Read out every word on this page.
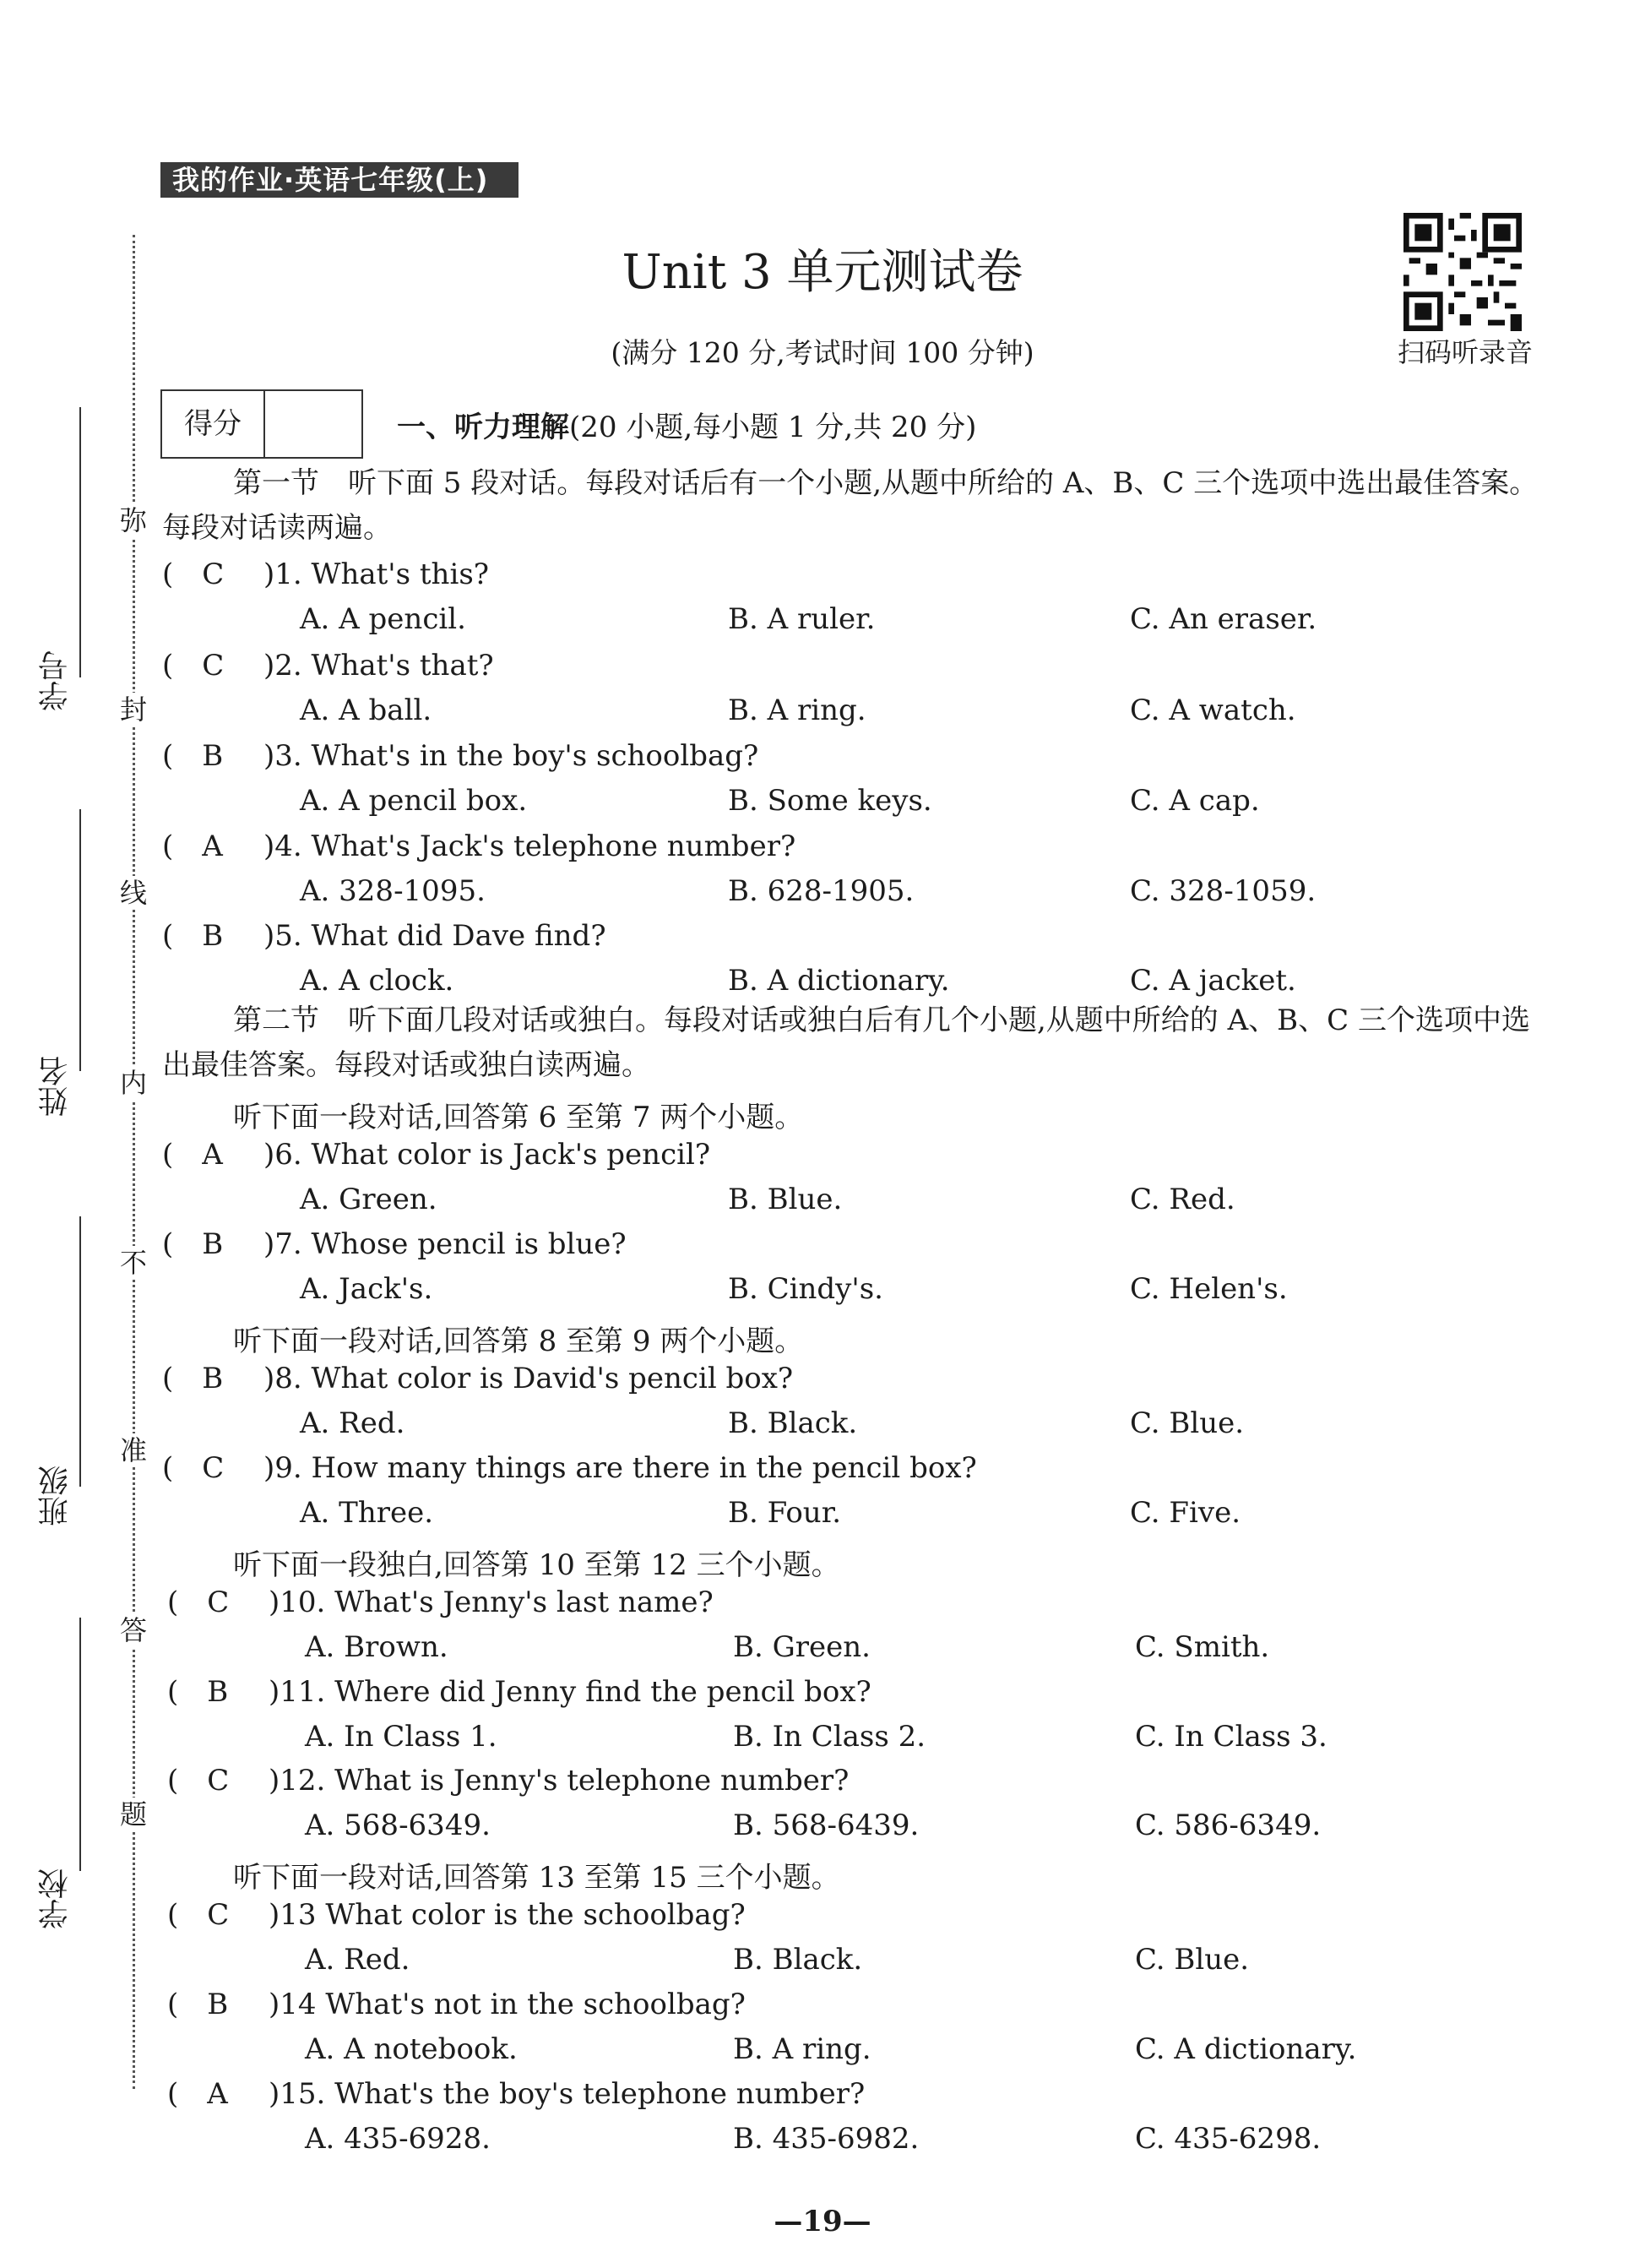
我的作业·英语七年级(上)
弥
封
线
内
不
准
答
题
学号
姓名
班级
学校
Unit 3 单元测试卷
(满分 120 分,考试时间 100 分钟)	扫码听录音
得分	一、听力理解(20 小题,每小题 1 分,共 20 分)
第一节　听下面 5 段对话。每段对话后有一个小题,从题中所给的 A、B、C 三个选项中选出最佳答案。每段对话读两遍。
( C  )1. What's this?
A. A pencil.	B. A ruler.	C. An eraser.
( C  )2. What's that?
A. A ball.	B. A ring.	C. A watch.
( B  )3. What's in the boy's schoolbag?
A. A pencil box.	B. Some keys.	C. A cap.
( A  )4. What's Jack's telephone number?
A. 328-1095.	B. 628-1905.	C. 328-1059.
( B  )5. What did Dave find?
A. A clock.	B. A dictionary.	C. A jacket.
( A  )6. What color is Jack's pencil?
A. Green.	B. Blue.	C. Red.
( B  )7. Whose pencil is blue?
A. Jack's.	B. Cindy's.	C. Helen's.
( B  )8. What color is David's pencil box?
A. Red.	B. Black.	C. Blue.
( C  )9. How many things are there in the pencil box?
A. Three.	B. Four.	C. Five.
( C  )10. What's Jenny's last name?
A. Brown.	B. Green.	C. Smith.
( B  )11. Where did Jenny find the pencil box?
A. In Class 1.	B. In Class 2.	C. In Class 3.
( C  )12. What is Jenny's telephone number?
A. 568-6349.	B. 568-6439.	C. 586-6349.
( C  )13 What color is the schoolbag?
A. Red.	B. Black.	C. Blue.
( B  )14 What's not in the schoolbag?
A. A notebook.	B. A ring.	C. A dictionary.
( A  )15. What's the boy's telephone number?
A. 435-6928.	B. 435-6982.	C. 435-6298.
第二节　听下面几段对话或独白。每段对话或独白后有几个小题,从题中所给的 A、B、C 三个选项中选出最佳答案。每段对话或独白读两遍。
听下面一段对话,回答第 6 至第 7 两个小题。
听下面一段对话,回答第 8 至第 9 两个小题。
听下面一段独白,回答第 10 至第 12 三个小题。
听下面一段对话,回答第 13 至第 15 三个小题。
—19—
